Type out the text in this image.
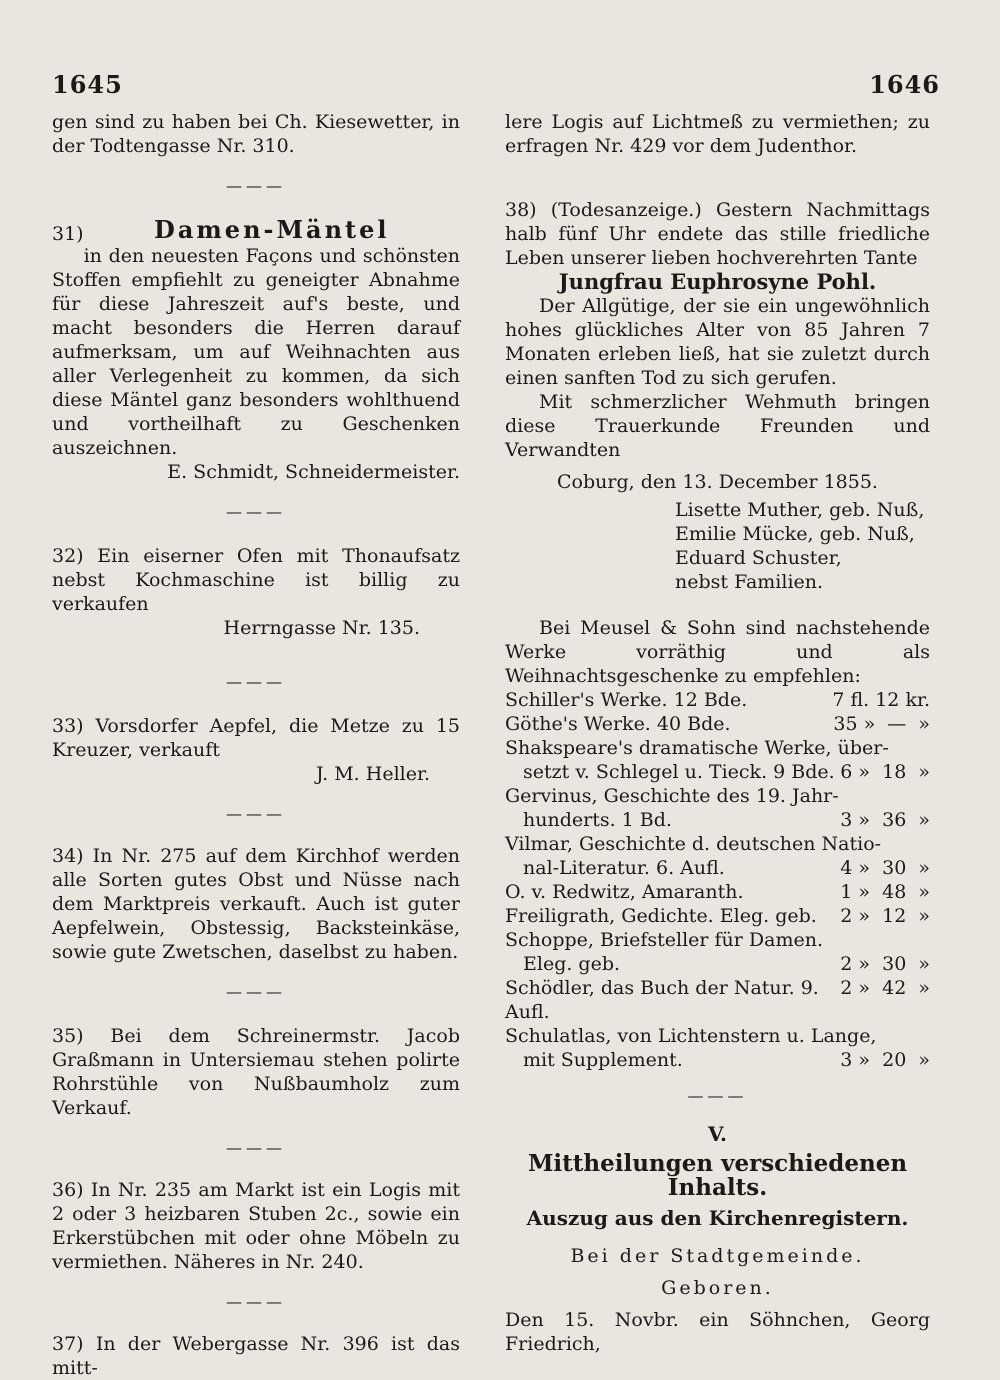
1645	1646

gen sind zu haben bei Ch. Kiesewetter, in der Todtengasse Nr. 310.

———

31)	Damen-Mäntel

in den neuesten Façons und schönsten Stoffen empfiehlt zu geneigter Abnahme für diese Jahreszeit auf's beste, und macht besonders die Herren darauf aufmerksam, um auf Weihnachten aus aller Verlegenheit zu kommen, da sich diese Mäntel ganz besonders wohlthuend und vortheilhaft zu Geschenken auszeichnen.

E. Schmidt, Schneidermeister.

———

32) Ein eiserner Ofen mit Thonaufsatz nebst Kochmaschine ist billig zu verkaufen

Herrngasse Nr. 135.

———

33) Vorsdorfer Aepfel, die Metze zu 15 Kreuzer, verkauft

J. M. Heller.

———

34) In Nr. 275 auf dem Kirchhof werden alle Sorten gutes Obst und Nüsse nach dem Marktpreis verkauft. Auch ist guter Aepfelwein, Obstessig, Backsteinkäse, sowie gute Zwetschen, daselbst zu haben.

———

35) Bei dem Schreinermstr. Jacob Graßmann in Untersiemau stehen polirte Rohrstühle von Nußbaumholz zum Verkauf.

———

36) In Nr. 235 am Markt ist ein Logis mit 2 oder 3 heizbaren Stuben 2c., sowie ein Erkerstübchen mit oder ohne Möbeln zu vermiethen. Näheres in Nr. 240.

———

37) In der Webergasse Nr. 396 ist das mitt-

lere Logis auf Lichtmeß zu vermiethen; zu erfragen Nr. 429 vor dem Judenthor.

38) (Todesanzeige.) Gestern Nachmittags halb fünf Uhr endete das stille friedliche Leben unserer lieben hochverehrten Tante

Jungfrau Euphrosyne Pohl.

Der Allgütige, der sie ein ungewöhnlich hohes glückliches Alter von 85 Jahren 7 Monaten erleben ließ, hat sie zuletzt durch einen sanften Tod zu sich gerufen.

Mit schmerzlicher Wehmuth bringen diese Trauerkunde Freunden und Verwandten

Coburg, den 13. December 1855.

Lisette Muther, geb. Nuß,

Emilie Mücke, geb. Nuß,

Eduard Schuster,

nebst Familien.

Bei Meusel & Sohn sind nachstehende Werke vorräthig und als Weihnachtsgeschenke zu empfehlen:

Schiller's Werke. 12 Bde.	7 fl. 12 kr.
Göthe's Werke. 40 Bde.	35 »  —  »
Shakspeare's dramatische Werke, über-
setzt v. Schlegel u. Tieck. 9 Bde. 6 »  18  »
Gervinus, Geschichte des 19. Jahr-
hunderts. 1 Bd.	3 »  36  »
Vilmar, Geschichte d. deutschen Natio-
nal-Literatur. 6. Aufl.	4 »  30  »
O. v. Redwitz, Amaranth.	1 »  48  »
Freiligrath, Gedichte. Eleg. geb. 2 »  12  »
Schoppe, Briefsteller für Damen.
Eleg. geb.	2 »  30  »
Schödler, das Buch der Natur. 9. Aufl.
2 »  42  »
Schulatlas, von Lichtenstern u. Lange,
mit Supplement.	3 »  20  »
———

V.

Mittheilungen verschiedenen Inhalts.

Auszug aus den Kirchenregistern.

Bei der Stadtgemeinde.

Geboren.

Den 15. Novbr. ein Söhnchen, Georg Friedrich,
